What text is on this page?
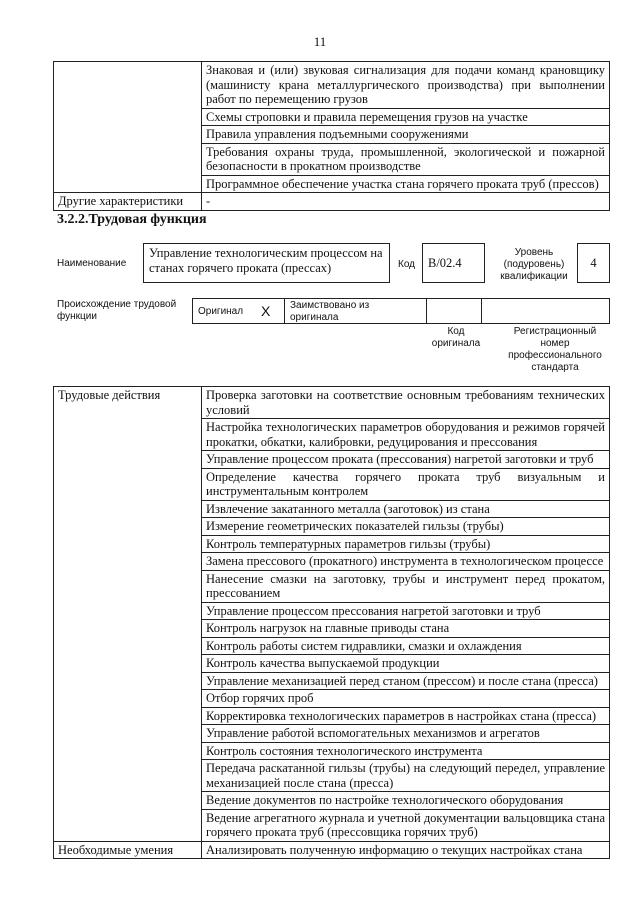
11
	Знаковая и (или) звуковая сигнализация для подачи команд крановщику (машинисту крана металлургического производства) при выполнении работ по перемещению грузов
	Схемы строповки и правила перемещения грузов на участке
	Правила управления подъемными сооружениями
	Требования охраны труда, промышленной, экологической и пожарной безопасности в прокатном производстве
	Программное обеспечение участка стана горячего проката труб (прессов)
Другие характеристики	-
3.2.2.Трудовая функция
Наименование
Управление технологическим процессом на станах горячего проката (прессах)	Код	B/02.4
Уровень (подуровень) квалификации
4
Происхождение трудовой функции	Оригинал X Заимствовано из оригинала
Код оригинала
Регистрационный номер профессионального стандарта
Трудовые действия	Проверка заготовки на соответствие основным требованиям технических условий
	Настройка технологических параметров оборудования и режимов горячей прокатки, обкатки, калибровки, редуцирования и прессования
	Управление процессом проката (прессования) нагретой заготовки и труб
	Определение качества горячего проката труб визуальным и инструментальным контролем
	Извлечение закатанного металла (заготовок) из стана
	Измерение геометрических показателей гильзы (трубы)
	Контроль температурных параметров гильзы (трубы)
	Замена прессового (прокатного) инструмента в технологическом процессе
	Нанесение смазки на заготовку, трубы и инструмент перед прокатом, прессованием
	Управление процессом прессования нагретой заготовки и труб
	Контроль нагрузок на главные приводы стана
	Контроль работы систем гидравлики, смазки и охлаждения
	Контроль качества выпускаемой продукции
	Управление механизацией перед станом (прессом) и после стана (пресса)
	Отбор горячих проб
	Корректировка технологических параметров в настройках стана (пресса)
	Управление работой вспомогательных механизмов и агрегатов
	Контроль состояния технологического инструмента
	Передача раскатанной гильзы (трубы) на следующий передел, управление механизацией после стана (пресса)
	Ведение документов по настройке технологического оборудования
	Ведение агрегатного журнала и учетной документации вальцовщика стана горячего проката труб (прессовщика горячих труб)
Необходимые умения	Анализировать полученную информацию о текущих настройках стана
